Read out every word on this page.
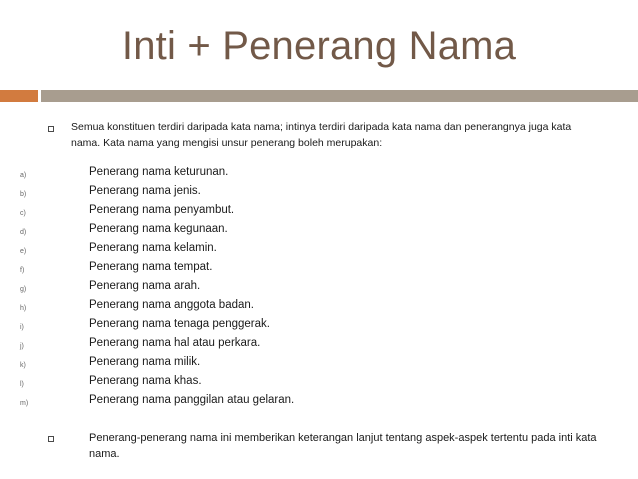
Inti + Penerang Nama
Semua konstituen terdiri daripada kata nama; intinya terdiri daripada kata nama dan penerangnya juga kata nama. Kata nama yang mengisi unsur penerang boleh merupakan:
a)	Penerang nama keturunan.
b)	Penerang nama jenis.
c)	Penerang nama penyambut.
d)	Penerang nama kegunaan.
e)	Penerang nama kelamin.
f)	Penerang nama tempat.
g)	Penerang nama arah.
h)	Penerang nama anggota badan.
i)	Penerang nama tenaga penggerak.
j)	Penerang nama hal atau perkara.
k)	Penerang nama milik.
l)	Penerang nama khas.
m)	Penerang nama panggilan atau gelaran.
Penerang-penerang nama ini memberikan keterangan lanjut tentang aspek-aspek tertentu pada inti kata nama.
